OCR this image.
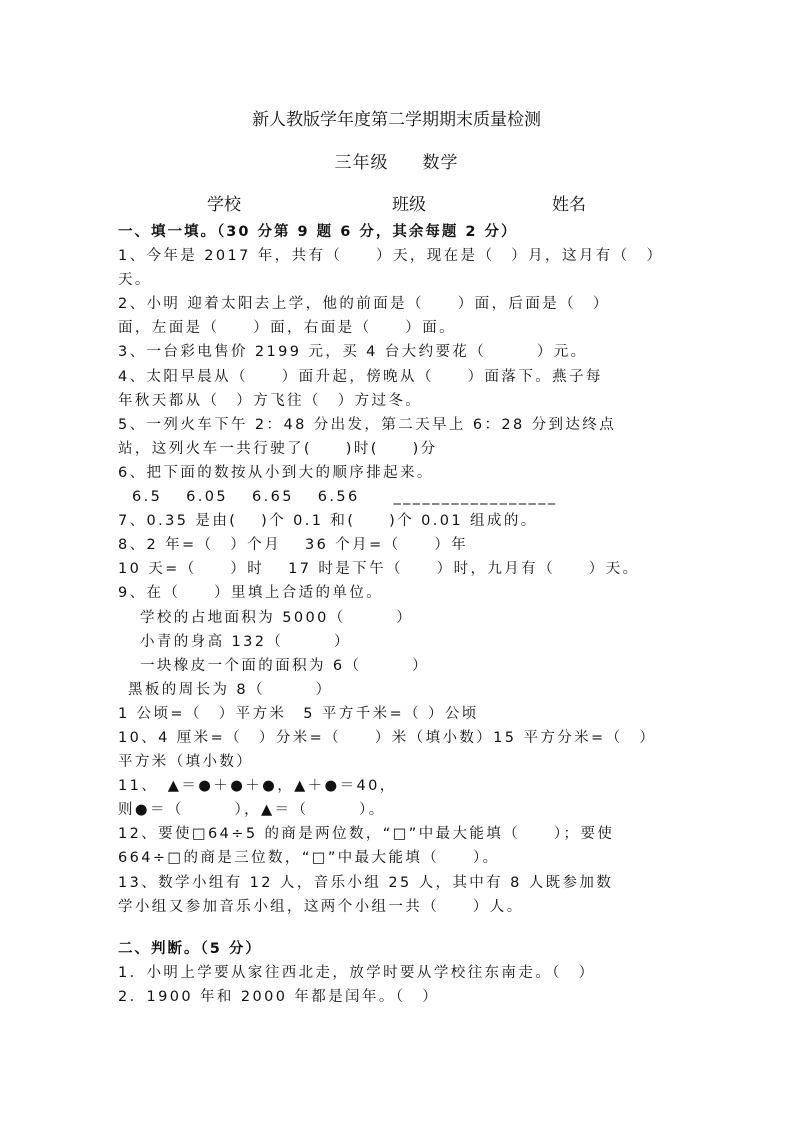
新人教版学年度第二学期期末质量检测
三年级 数学
学校	班级	姓名
一、填一填。（30 分第 9 题 6 分，其余每题 2 分）
1、今年是 2017 年，共有（　　）天，现在是（　）月，这月有（　）
天。
2、小明 迎着太阳去上学，他的前面是（　　）面，后面是（　）
面，左面是（　　）面，右面是（　　）面。
3、一台彩电售价 2199 元，买 4 台大约要花（　　　）元。
4、太阳早晨从（　　）面升起，傍晚从（　　）面落下。燕子每
年秋天都从（　）方飞往（　）方过冬。
5、一列火车下午 2：48 分出发，第二天早上 6：28 分到达终点
站，这列火车一共行驶了(　　)时(　　)分
6、把下面的数按从小到大的顺序排起来。
6.5　 6.05　 6.65　 6.56　　_________________
7、0.35 是由(　 )个 0.1 和(　　)个 0.01 组成的。
8、2 年=（　）个月　 36 个月=（　　）年
10 天=（　　）时　 17 时是下午（　　）时，九月有（　　）天。
9、在（　　）里填上合适的单位。
学校的占地面积为 5000（　　　）
小青的身高 132（　　　）
一块橡皮一个面的面积为 6（　　　）
黑板的周长为 8（　　　）
1 公顷=（　）平方米　5 平方千米=（ ）公顷
10、4 厘米=（　）分米=（　　）米（填小数）15 平方分米=（　）
平方米（填小数）
11、　▲＝●＋●＋●，▲＋●＝40，
则●＝（　　　），▲＝（　　　）。
12、要使□64÷5 的商是两位数，“□”中最大能填（　　）；要使
664÷□的商是三位数，“□”中最大能填（　　）。
13、数学小组有 12 人，音乐小组 25 人，其中有 8 人既参加数
学小组又参加音乐小组，这两个小组一共（　　）人。
二、判断。（5 分）
1．小明上学要从家往西北走，放学时要从学校往东南走。（　）
2．1900 年和 2000 年都是闰年。（　）
